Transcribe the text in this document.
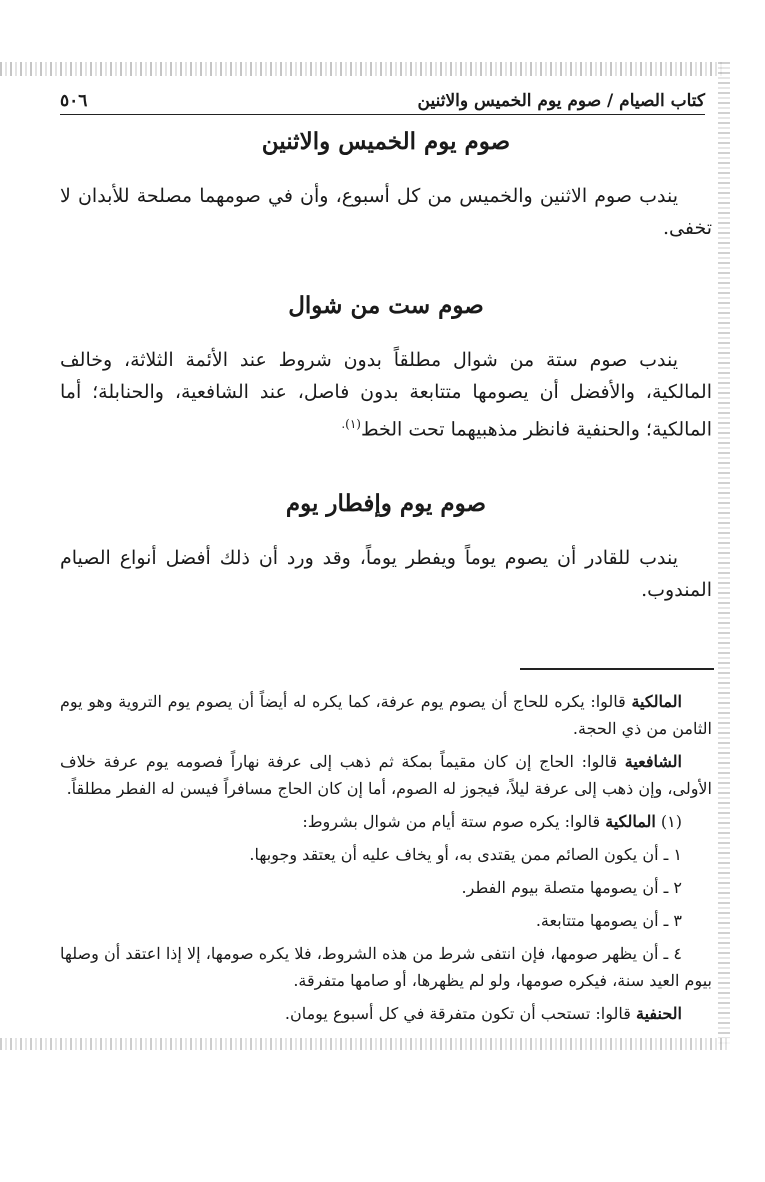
كتاب الصيام / صوم يوم الخميس والاثنين
٥٠٦
صوم يوم الخميس والاثنين

يندب صوم الاثنين والخميس من كل أسبوع، وأن في صومهما مصلحة للأبدان لا تخفى.

صوم ست من شوال

يندب صوم ستة من شوال مطلقاً بدون شروط عند الأئمة الثلاثة، وخالف المالكية، والأفضل أن يصومها متتابعة بدون فاصل، عند الشافعية، والحنابلة؛ أما المالكية؛ والحنفية فانظر مذهبيهما تحت الخط$^{(١).}$

صوم يوم وإفطار يوم

يندب للقادر أن يصوم يوماً ويفطر يوماً، وقد ورد أن ذلك أفضل أنواع الصيام المندوب.

المالكية قالوا: يكره للحاج أن يصوم يوم عرفة، كما يكره له أيضاً أن يصوم يوم التروية وهو يوم الثامن من ذي الحجة.

الشافعية قالوا: الحاج إن كان مقيماً بمكة ثم ذهب إلى عرفة نهاراً فصومه يوم عرفة خلاف الأولى، وإن ذهب إلى عرفة ليلاً، فيجوز له الصوم، أما إن كان الحاج مسافراً فيسن له الفطر مطلقاً.

(١) المالكية قالوا: يكره صوم ستة أيام من شوال بشروط:

١ ـ أن يكون الصائم ممن يقتدى به، أو يخاف عليه أن يعتقد وجوبها.

٢ ـ أن يصومها متصلة بيوم الفطر.

٣ ـ أن يصومها متتابعة.

٤ ـ أن يظهر صومها، فإن انتفى شرط من هذه الشروط، فلا يكره صومها، إلا إذا اعتقد أن وصلها بيوم العيد سنة، فيكره صومها، ولو لم يظهرها، أو صامها متفرقة.

الحنفية قالوا: تستحب أن تكون متفرقة في كل أسبوع يومان.
